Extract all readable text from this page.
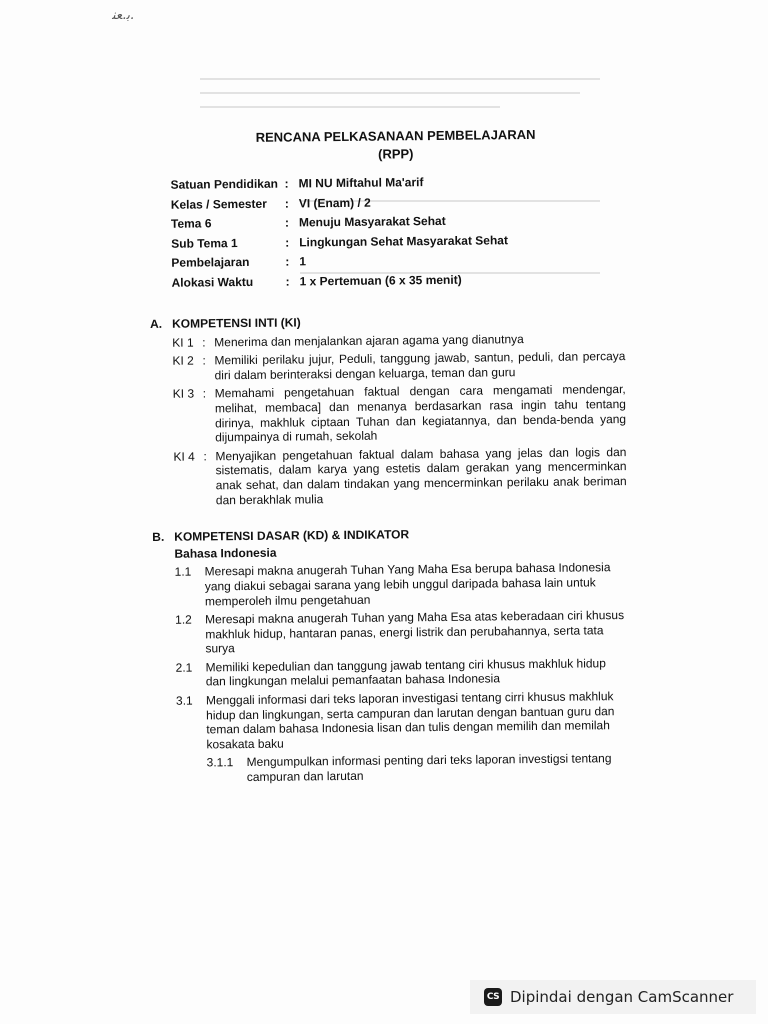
ﺑ.ﻌﻨ.
RENCANA PELKASANAAN PEMBELAJARAN
(RPP)
Satuan Pendidikan : MI NU Miftahul Ma'arif
Kelas / Semester	: VI (Enam) / 2
Tema 6	: Menuju Masyarakat Sehat
Sub Tema 1	: Lingkungan Sehat Masyarakat Sehat
Pembelajaran	: 1
Alokasi Waktu	: 1 x Pertemuan (6 x 35 menit)
A. KOMPETENSI INTI (KI)
KI 1 : Menerima dan menjalankan ajaran agama yang dianutnya
KI 2 : Memiliki perilaku jujur, Peduli, tanggung jawab, santun, peduli, dan percaya diri dalam berinteraksi dengan keluarga, teman dan guru
KI 3 : Memahami pengetahuan faktual dengan cara mengamati mendengar, melihat, membaca] dan menanya berdasarkan rasa ingin tahu tentang dirinya, makhluk ciptaan Tuhan dan kegiatannya, dan benda-benda yang dijumpainya di rumah, sekolah
KI 4 : Menyajikan pengetahuan faktual dalam bahasa yang jelas dan logis dan sistematis, dalam karya yang estetis dalam gerakan yang mencerminkan anak sehat, dan dalam tindakan yang mencerminkan perilaku anak beriman dan berakhlak mulia
B. KOMPETENSI DASAR (KD) & INDIKATOR
Bahasa Indonesia
1.1	Meresapi makna anugerah Tuhan Yang Maha Esa berupa bahasa Indonesia yang diakui sebagai sarana yang lebih unggul daripada bahasa lain untuk memperoleh ilmu pengetahuan
1.2	Meresapi makna anugerah Tuhan yang Maha Esa atas keberadaan ciri khusus makhluk hidup, hantaran panas, energi listrik dan perubahannya, serta tata surya
2.1	Memiliki kepedulian dan tanggung jawab tentang ciri khusus makhluk hidup dan lingkungan melalui pemanfaatan bahasa Indonesia
3.1	Menggali informasi dari teks laporan investigasi tentang cirri khusus makhluk hidup dan lingkungan, serta campuran dan larutan dengan bantuan guru dan teman dalam bahasa Indonesia lisan dan tulis dengan memilih dan memilah kosakata baku
3.1.1	Mengumpulkan informasi penting dari teks laporan investigsi tentang campuran dan larutan
CS Dipindai dengan CamScanner
